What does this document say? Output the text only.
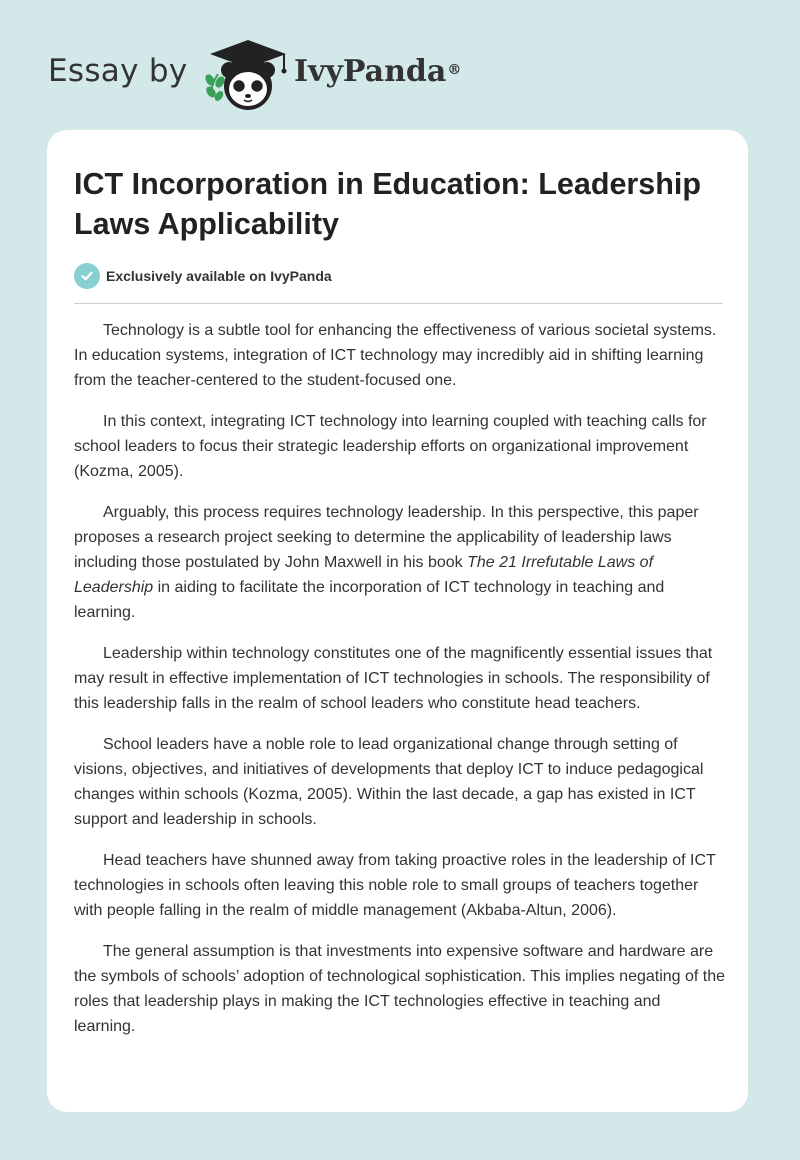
Essay by	IvyPanda®
ICT Incorporation in Education: Leadership Laws Applicability
Exclusively available on IvyPanda

Technology is a subtle tool for enhancing the effectiveness of various societal systems. In education systems, integration of ICT technology may incredibly aid in shifting learning from the teacher-centered to the student-focused one.

In this context, integrating ICT technology into learning coupled with teaching calls for school leaders to focus their strategic leadership efforts on organizational improvement (Kozma, 2005).

Arguably, this process requires technology leadership. In this perspective, this paper proposes a research project seeking to determine the applicability of leadership laws including those postulated by John Maxwell in his book The 21 Irrefutable Laws of Leadership in aiding to facilitate the incorporation of ICT technology in teaching and learning.

Leadership within technology constitutes one of the magnificently essential issues that may result in effective implementation of ICT technologies in schools. The responsibility of this leadership falls in the realm of school leaders who constitute head teachers.

School leaders have a noble role to lead organizational change through setting of visions, objectives, and initiatives of developments that deploy ICT to induce pedagogical changes within schools (Kozma, 2005). Within the last decade, a gap has existed in ICT support and leadership in schools.

Head teachers have shunned away from taking proactive roles in the leadership of ICT technologies in schools often leaving this noble role to small groups of teachers together with people falling in the realm of middle management (Akbaba-Altun, 2006).

The general assumption is that investments into expensive software and hardware are the symbols of schools’ adoption of technological sophistication. This implies negating of the roles that leadership plays in making the ICT technologies effective in teaching and learning.
